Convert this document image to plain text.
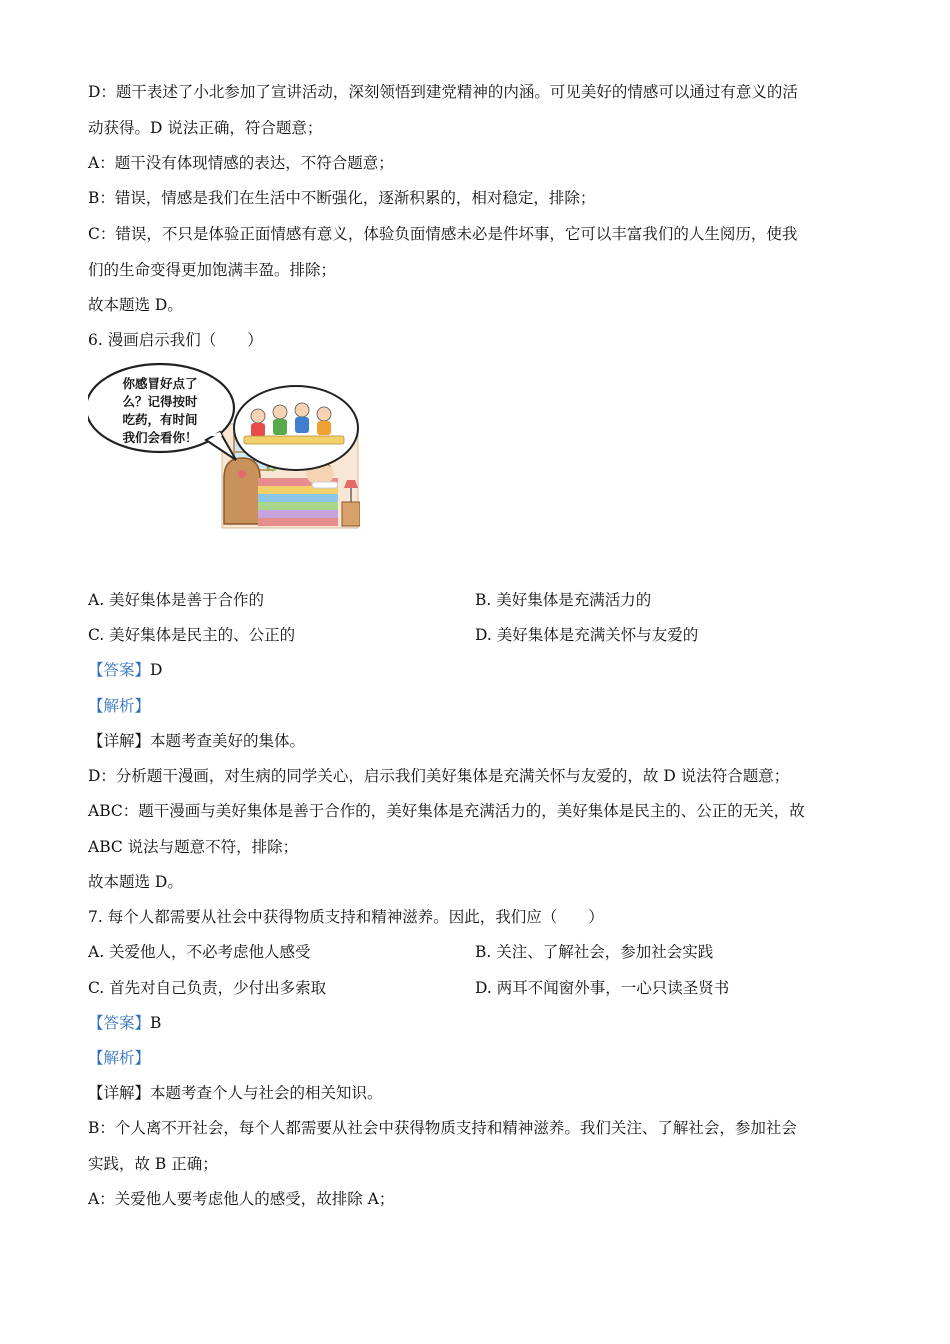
D：题干表述了小北参加了宣讲活动，深刻领悟到建党精神的内涵。可见美好的情感可以通过有意义的活
动获得。D 说法正确，符合题意；
A：题干没有体现情感的表达，不符合题意；
B：错误，情感是我们在生活中不断强化，逐渐积累的，相对稳定，排除；
C：错误，不只是体验正面情感有意义，体验负面情感未必是件坏事，它可以丰富我们的人生阅历，使我
们的生命变得更加饱满丰盈。排除；
故本题选 D。
6. 漫画启示我们（　　）
你感冒好点了
么？记得按时
吃药，有时间
我们会看你！
A. 美好集体是善于合作的	B. 美好集体是充满活力的
C. 美好集体是民主的、公正的	D. 美好集体是充满关怀与友爱的
【答案】D
【解析】
【详解】本题考查美好的集体。
D：分析题干漫画，对生病的同学关心，启示我们美好集体是充满关怀与友爱的，故 D 说法符合题意；
ABC：题干漫画与美好集体是善于合作的，美好集体是充满活力的，美好集体是民主的、公正的无关，故
ABC 说法与题意不符，排除；
故本题选 D。
7. 每个人都需要从社会中获得物质支持和精神滋养。因此，我们应（　　）
A. 关爱他人，不必考虑他人感受	B. 关注、了解社会，参加社会实践
C. 首先对自己负责，少付出多索取	D. 两耳不闻窗外事，一心只读圣贤书
【答案】B
【解析】
【详解】本题考查个人与社会的相关知识。
B：个人离不开社会，每个人都需要从社会中获得物质支持和精神滋养。我们关注、了解社会，参加社会
实践，故 B 正确；
A：关爱他人要考虑他人的感受，故排除 A；
